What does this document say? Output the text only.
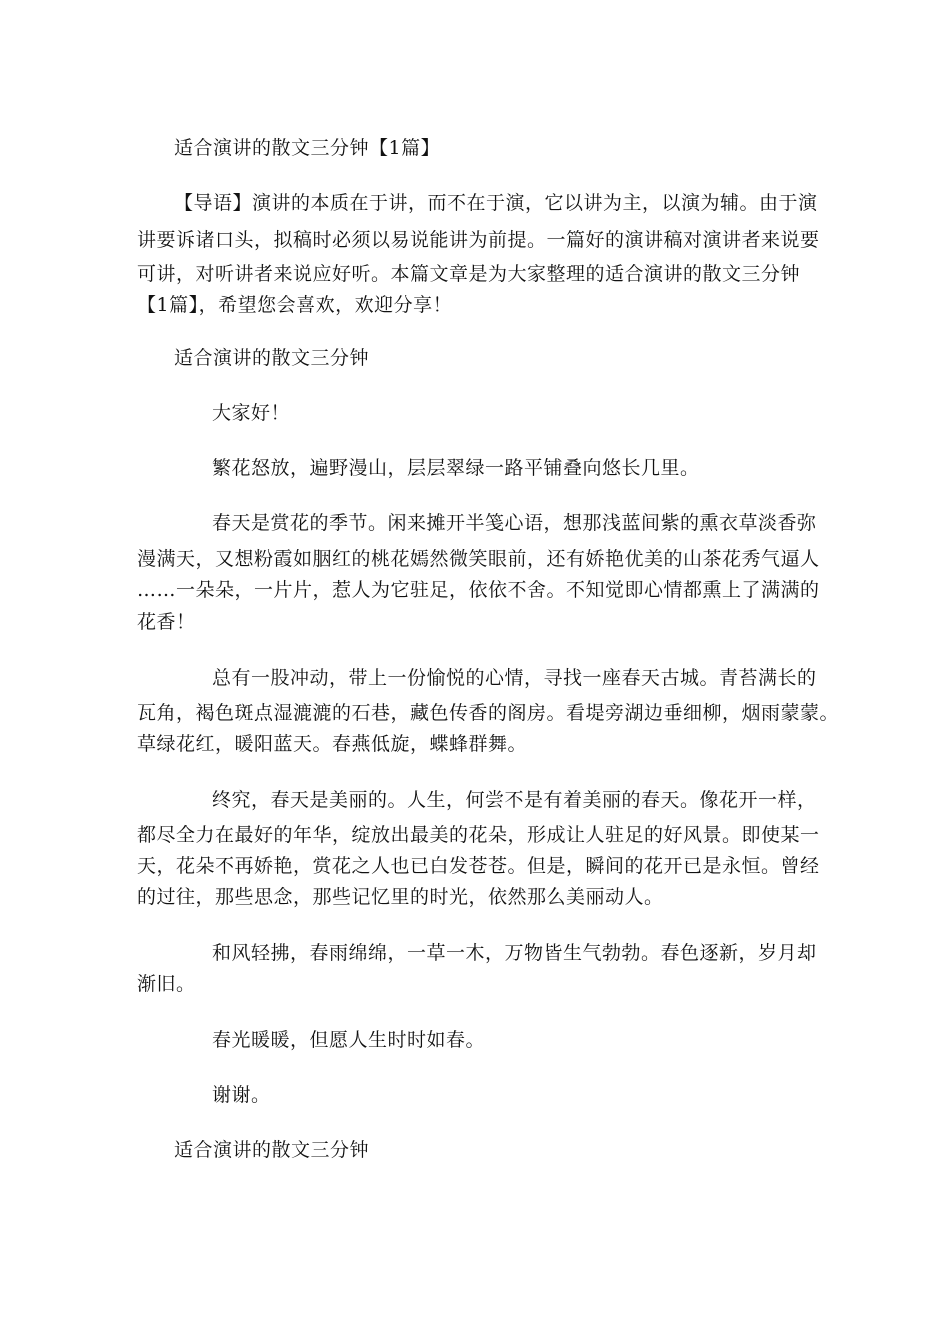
适合演讲的散文三分钟【1篇】
【导语】演讲的本质在于讲，而不在于演，它以讲为主，以演为辅。由于演
讲要诉诸口头，拟稿时必须以易说能讲为前提。一篇好的演讲稿对演讲者来说要
可讲，对听讲者来说应好听。本篇文章是为大家整理的适合演讲的散文三分钟
【1篇】，希望您会喜欢，欢迎分享！
适合演讲的散文三分钟
大家好！
繁花怒放，遍野漫山，层层翠绿一路平铺叠向悠长几里。
春天是赏花的季节。闲来摊开半笺心语，想那浅蓝间紫的熏衣草淡香弥
漫满天，又想粉霞如胭红的桃花嫣然微笑眼前，还有娇艳优美的山茶花秀气逼人
……一朵朵，一片片，惹人为它驻足，依依不舍。不知觉即心情都熏上了满满的
花香！
总有一股冲动，带上一份愉悦的心情，寻找一座春天古城。青苔满长的
瓦角，褐色斑点湿漉漉的石巷，藏色传香的阁房。看堤旁湖边垂细柳，烟雨蒙蒙。
草绿花红，暖阳蓝天。春燕低旋，蝶蜂群舞。
终究，春天是美丽的。人生，何尝不是有着美丽的春天。像花开一样，
都尽全力在最好的年华，绽放出最美的花朵，形成让人驻足的好风景。即使某一
天，花朵不再娇艳，赏花之人也已白发苍苍。但是，瞬间的花开已是永恒。曾经
的过往，那些思念，那些记忆里的时光，依然那么美丽动人。
和风轻拂，春雨绵绵，一草一木，万物皆生气勃勃。春色逐新，岁月却
渐旧。
春光暖暖，但愿人生时时如春。
谢谢。
适合演讲的散文三分钟
